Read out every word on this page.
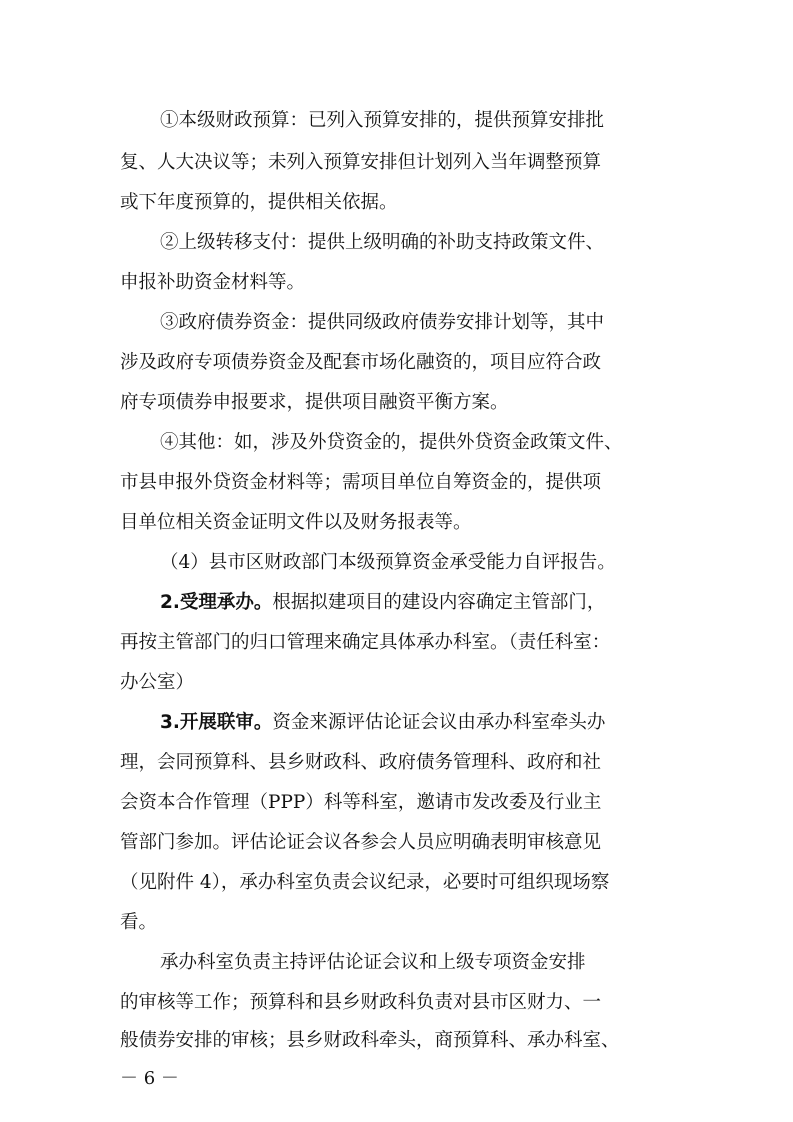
①本级财政预算：已列入预算安排的，提供预算安排批
复、人大决议等；未列入预算安排但计划列入当年调整预算
或下年度预算的，提供相关依据。
②上级转移支付：提供上级明确的补助支持政策文件、
申报补助资金材料等。
③政府债券资金：提供同级政府债券安排计划等，其中
涉及政府专项债券资金及配套市场化融资的，项目应符合政
府专项债券申报要求，提供项目融资平衡方案。
④其他：如，涉及外贷资金的，提供外贷资金政策文件、
市县申报外贷资金材料等；需项目单位自筹资金的，提供项
目单位相关资金证明文件以及财务报表等。
（4）县市区财政部门本级预算资金承受能力自评报告。
2.受理承办。根据拟建项目的建设内容确定主管部门，
再按主管部门的归口管理来确定具体承办科室。（责任科室：
办公室）
3.开展联审。资金来源评估论证会议由承办科室牵头办
理，会同预算科、县乡财政科、政府债务管理科、政府和社
会资本合作管理（PPP）科等科室，邀请市发改委及行业主
管部门参加。评估论证会议各参会人员应明确表明审核意见
（见附件 4），承办科室负责会议纪录，必要时可组织现场察
看。
承办科室负责主持评估论证会议和上级专项资金安排
的审核等工作；预算科和县乡财政科负责对县市区财力、一
般债券安排的审核；县乡财政科牵头，商预算科、承办科室、
－ 6 －
